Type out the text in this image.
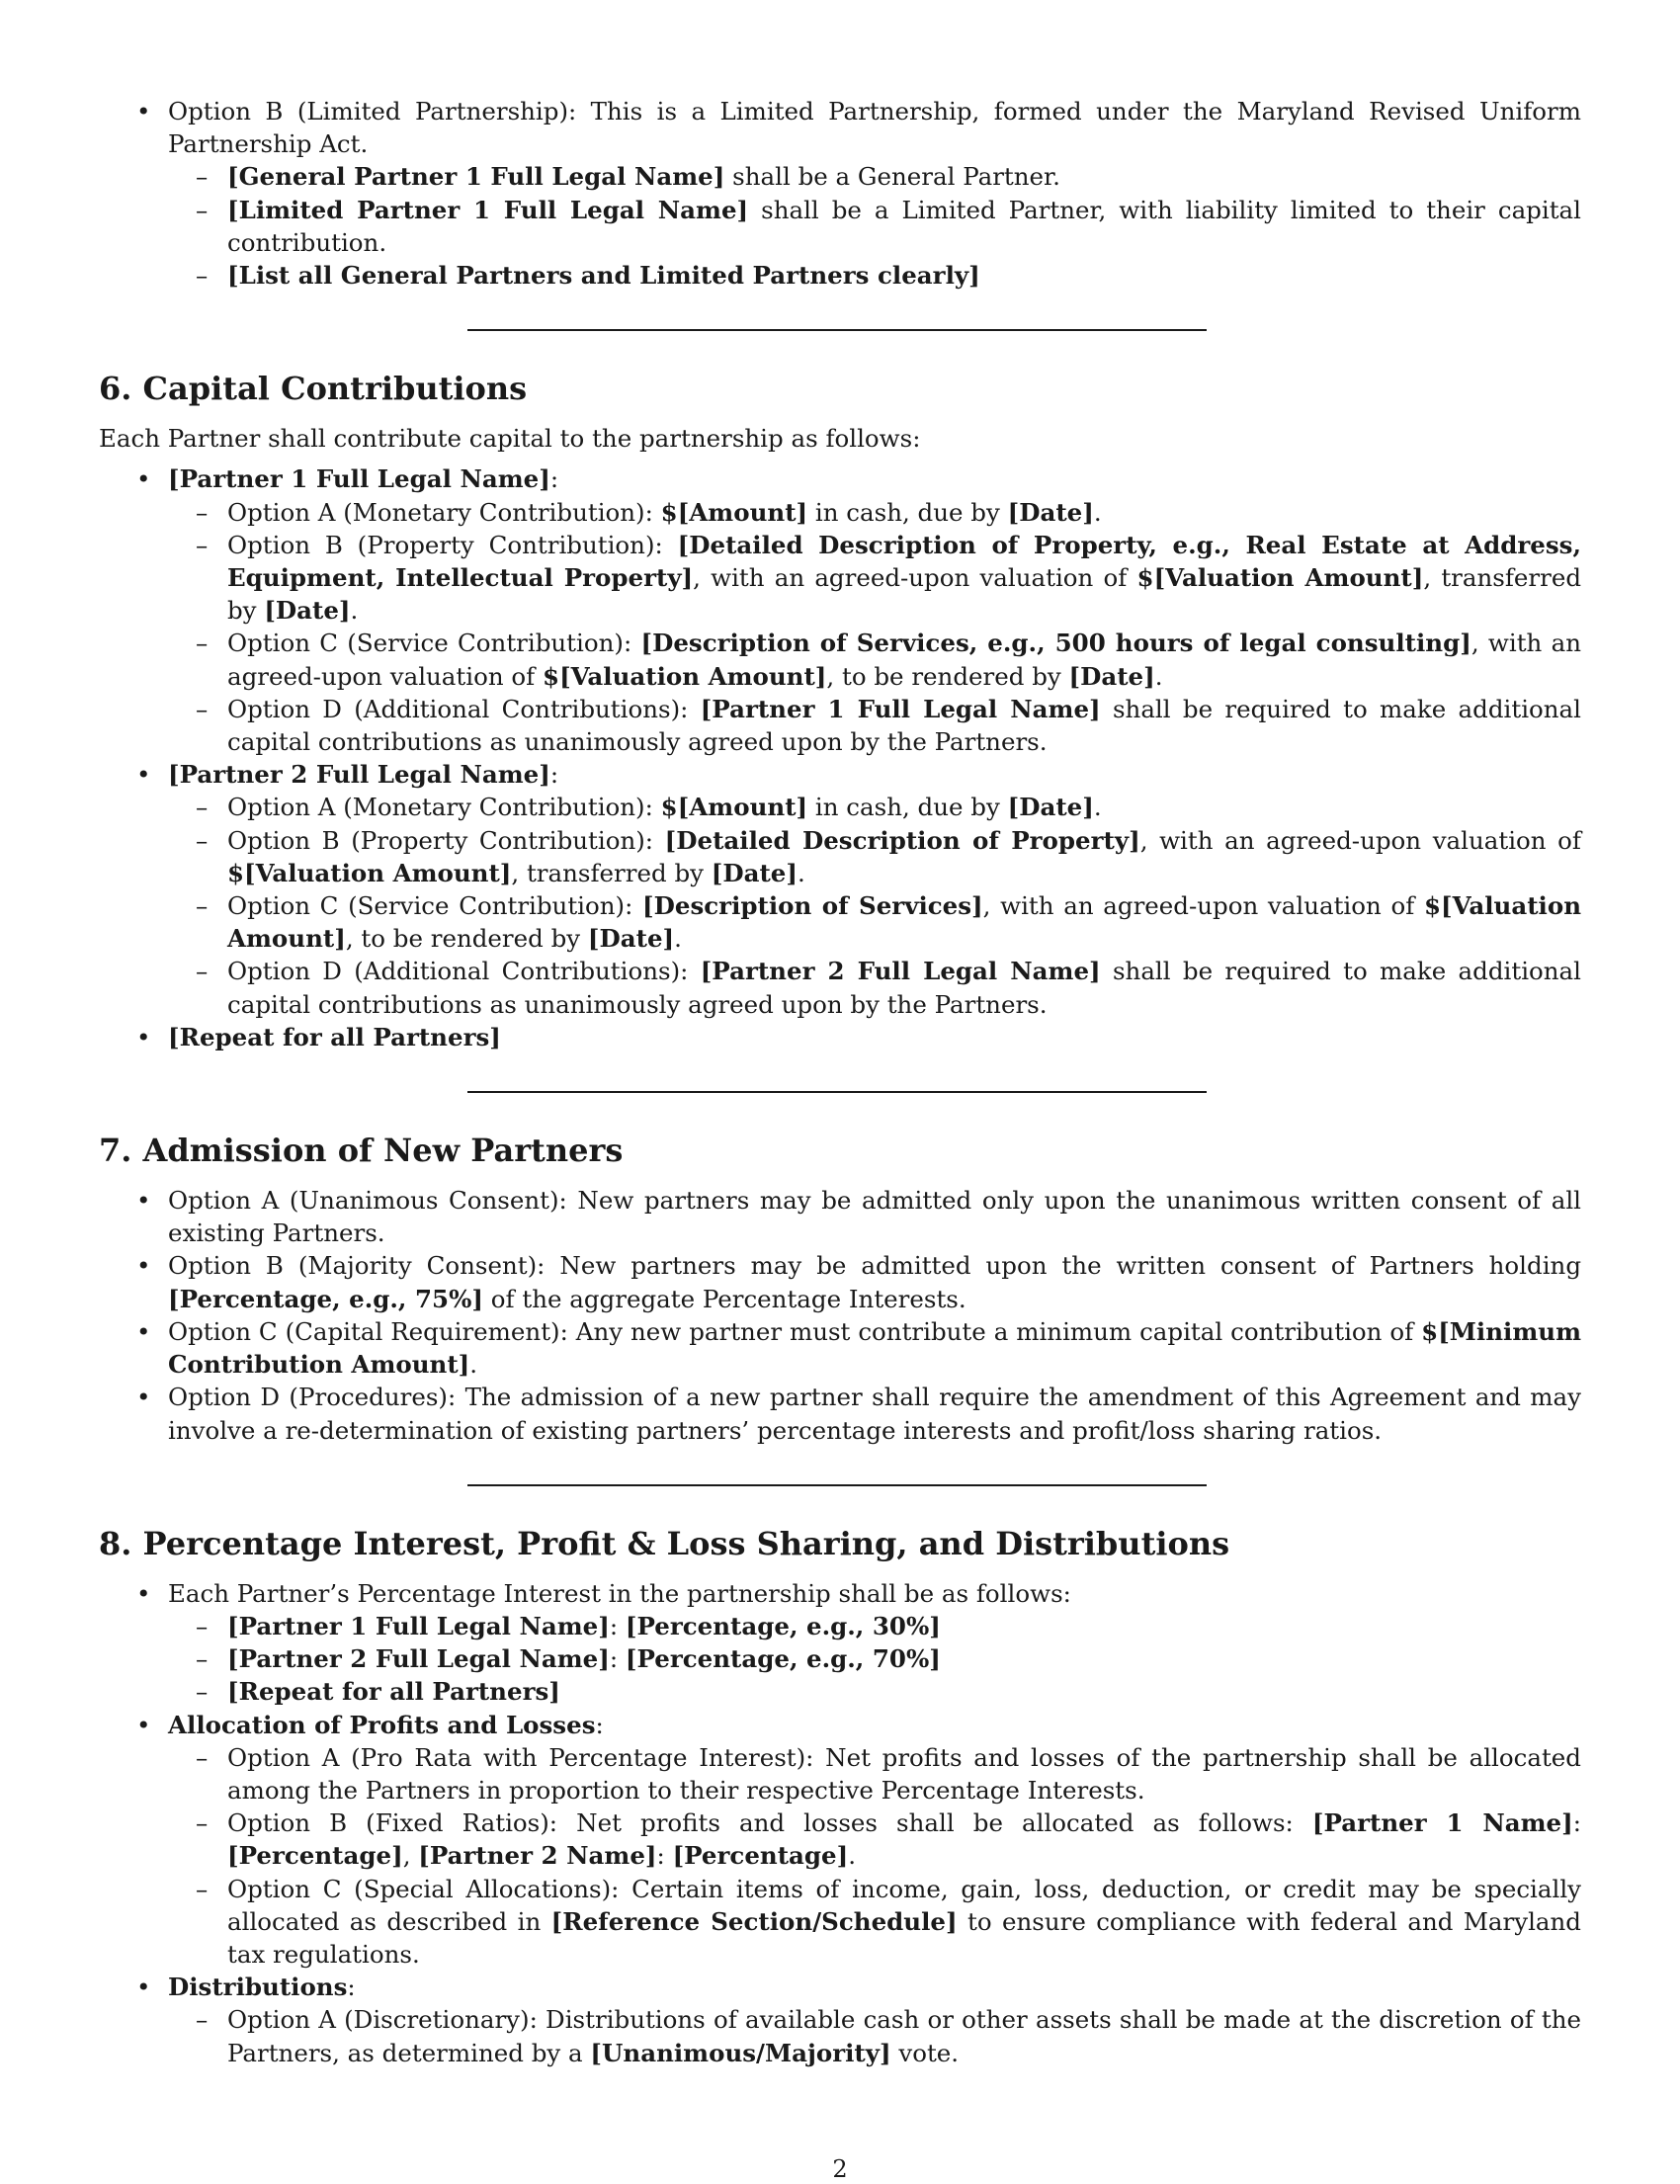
• Option B (Limited Partnership): This is a Limited Partnership, formed under the Maryland Revised Uniform Partnership Act.
– [General Partner 1 Full Legal Name] shall be a General Partner.
– [Limited Partner 1 Full Legal Name] shall be a Limited Partner, with liability limited to their capital contribution.
– [List all General Partners and Limited Partners clearly]
6. Capital Contributions

Each Partner shall contribute capital to the partnership as follows:

• [Partner 1 Full Legal Name]:
– Option A (Monetary Contribution): $[Amount] in cash, due by [Date].
– Option B (Property Contribution): [Detailed Description of Property, e.g., Real Estate at Address, Equipment, Intellectual Property], with an agreed-upon valuation of $[Valuation Amount], transferred by [Date].
– Option C (Service Contribution): [Description of Services, e.g., 500 hours of legal consulting], with an agreed-upon valuation of $[Valuation Amount], to be rendered by [Date].
– Option D (Additional Contributions): [Partner 1 Full Legal Name] shall be required to make additional capital contributions as unanimously agreed upon by the Partners.
• [Partner 2 Full Legal Name]:
– Option A (Monetary Contribution): $[Amount] in cash, due by [Date].
– Option B (Property Contribution): [Detailed Description of Property], with an agreed-upon valuation of $[Valuation Amount], transferred by [Date].
– Option C (Service Contribution): [Description of Services], with an agreed-upon valuation of $[Valuation Amount], to be rendered by [Date].
– Option D (Additional Contributions): [Partner 2 Full Legal Name] shall be required to make additional capital contributions as unanimously agreed upon by the Partners.
• [Repeat for all Partners]
7. Admission of New Partners
• Option A (Unanimous Consent): New partners may be admitted only upon the unanimous written consent of all existing Partners.
• Option B (Majority Consent): New partners may be admitted upon the written consent of Partners holding [Percentage, e.g., 75%] of the aggregate Percentage Interests.
• Option C (Capital Requirement): Any new partner must contribute a minimum capital contribution of $[Minimum Contribution Amount].
• Option D (Procedures): The admission of a new partner shall require the amendment of this Agreement and may involve a re-determination of existing partners’ percentage interests and profit/loss sharing ratios.
8. Percentage Interest, Profit & Loss Sharing, and Distributions
• Each Partner’s Percentage Interest in the partnership shall be as follows:
– [Partner 1 Full Legal Name]: [Percentage, e.g., 30%]
– [Partner 2 Full Legal Name]: [Percentage, e.g., 70%]
– [Repeat for all Partners]
• Allocation of Profits and Losses:
– Option A (Pro Rata with Percentage Interest): Net profits and losses of the partnership shall be allocated among the Partners in proportion to their respective Percentage Interests.
– Option B (Fixed Ratios): Net profits and losses shall be allocated as follows: [Partner 1 Name]: [Percentage], [Partner 2 Name]: [Percentage].
– Option C (Special Allocations): Certain items of income, gain, loss, deduction, or credit may be specially allocated as described in [Reference Section/Schedule] to ensure compliance with federal and Maryland tax regulations.
• Distributions:
– Option A (Discretionary): Distributions of available cash or other assets shall be made at the discretion of the Partners, as determined by a [Unanimous/Majority] vote.
2
